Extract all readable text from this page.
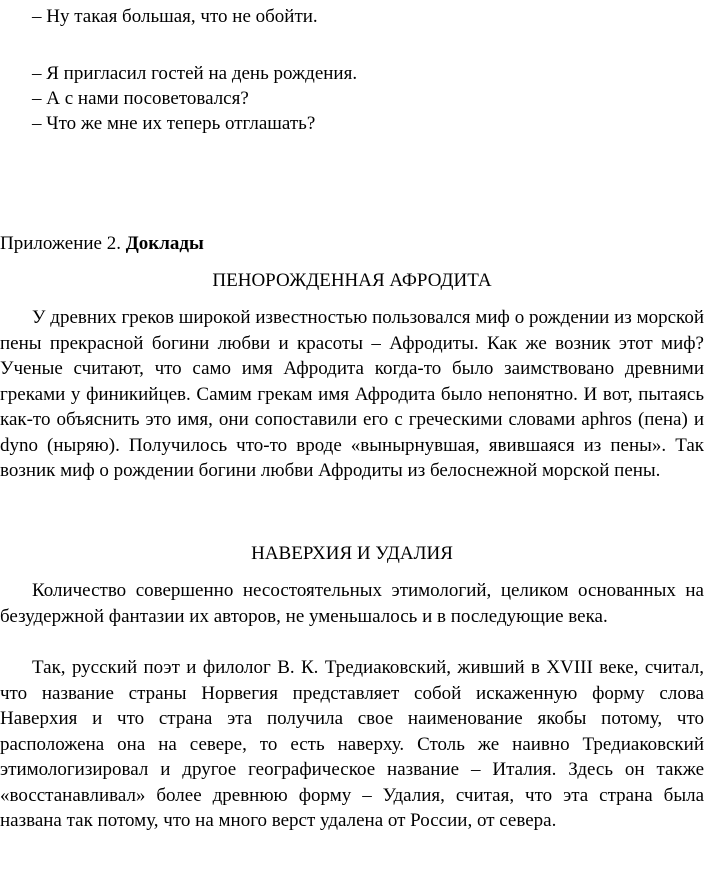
– Ну такая большая, что не обойти.
– Я пригласил гостей на день рождения.
– А с нами посоветовался?
– Что же мне их теперь отглашать?
Приложение 2. Доклады
ПЕНОРОЖДЕННАЯ АФРОДИТА

У древних греков широкой известностью пользовался миф о рождении из морской пены прекрасной богини любви и красоты – Афродиты. Как же возник этот миф? Ученые считают, что само имя Афродита когда-то было заимствовано древними греками у финикийцев. Самим грекам имя Афродита было непонятно. И вот, пытаясь как-то объяснить это имя, они сопоставили его с греческими словами aphros (пена) и dyno (ныряю). Получилось что-то вроде «вынырнувшая, явившаяся из пены». Так возник миф о рождении богини любви Афродиты из белоснежной морской пены.

НАВЕРХИЯ И УДАЛИЯ

Количество совершенно несостоятельных этимологий, целиком основанных на безудержной фантазии их авторов, не уменьшалось и в последующие века.

Так, русский поэт и филолог В. К. Тредиаковский, живший в XVIII веке, считал, что название страны Норвегия представляет собой искаженную форму слова Наверхия и что страна эта получила свое наименование якобы потому, что расположена она на севере, то есть наверху. Столь же наивно Тредиаковский этимологизировал и другое географическое название – Италия. Здесь он также «восстанавливал» более древнюю форму – Удалия, считая, что эта страна была названа так потому, что на много верст удалена от России, от севера.
